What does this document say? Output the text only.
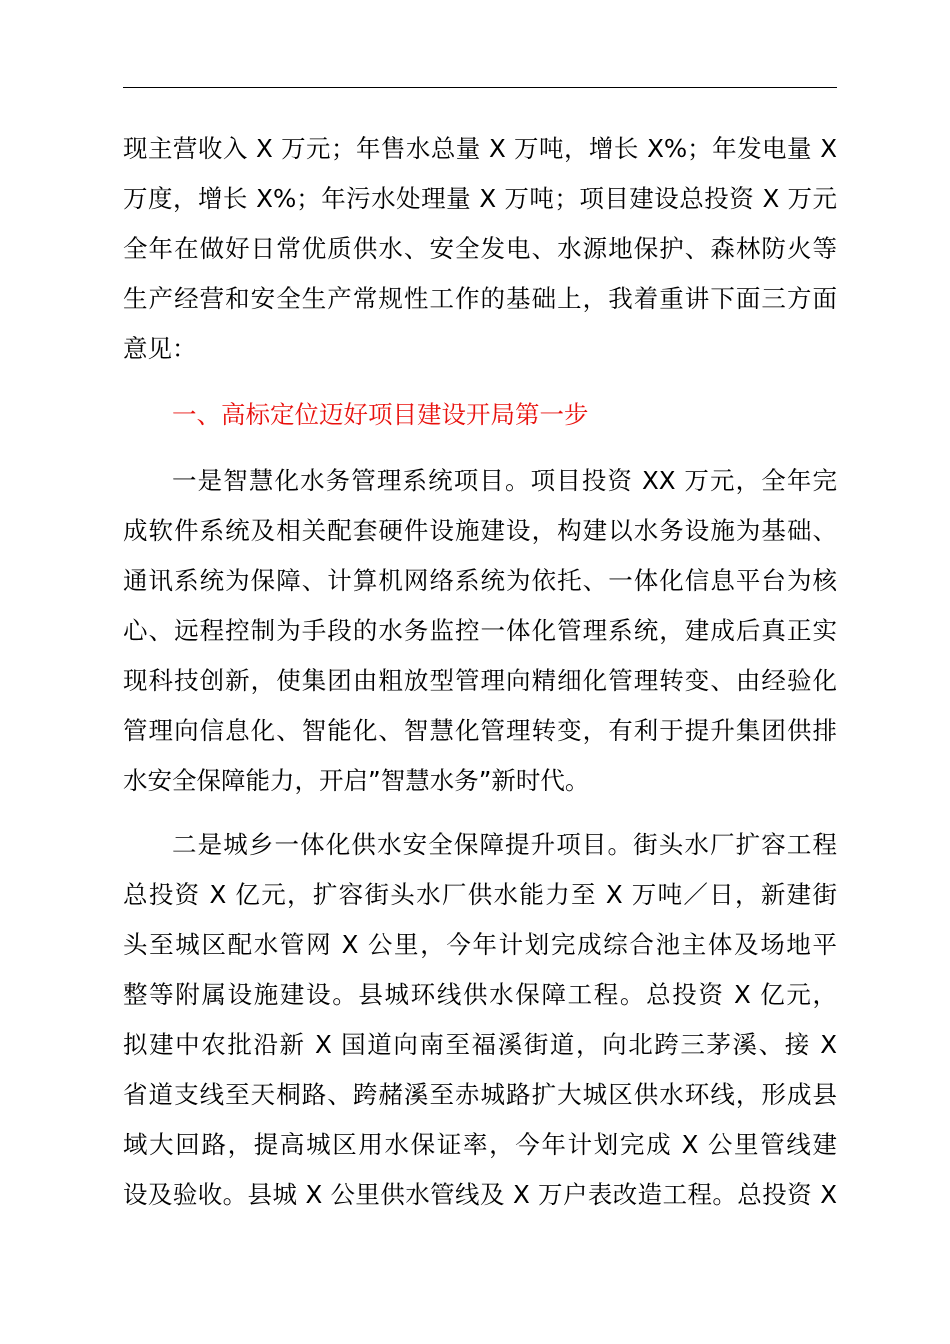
现主营收入 X 万元；年售水总量 X 万吨，增长 X%；年发电量 X
万度，增长 X%；年污水处理量 X 万吨；项目建设总投资 X 万元
全年在做好日常优质供水、安全发电、水源地保护、森林防火等
生产经营和安全生产常规性工作的基础上，我着重讲下面三方面
意见：
一、高标定位迈好项目建设开局第一步
一是智慧化水务管理系统项目。项目投资 XX 万元，全年完
成软件系统及相关配套硬件设施建设，构建以水务设施为基础、
通讯系统为保障、计算机网络系统为依托、一体化信息平台为核
心、远程控制为手段的水务监控一体化管理系统，建成后真正实
现科技创新，使集团由粗放型管理向精细化管理转变、由经验化
管理向信息化、智能化、智慧化管理转变，有利于提升集团供排
水安全保障能力，开启”智慧水务”新时代。
二是城乡一体化供水安全保障提升项目。街头水厂扩容工程
总投资 X 亿元，扩容街头水厂供水能力至 X 万吨／日，新建街
头至城区配水管网 X 公里，今年计划完成综合池主体及场地平
整等附属设施建设。县城环线供水保障工程。总投资 X 亿元，
拟建中农批沿新 X 国道向南至福溪街道，向北跨三茅溪、接 X
省道支线至天桐路、跨赭溪至赤城路扩大城区供水环线，形成县
域大回路，提高城区用水保证率，今年计划完成 X 公里管线建
设及验收。县城 X 公里供水管线及 X 万户表改造工程。总投资 X
